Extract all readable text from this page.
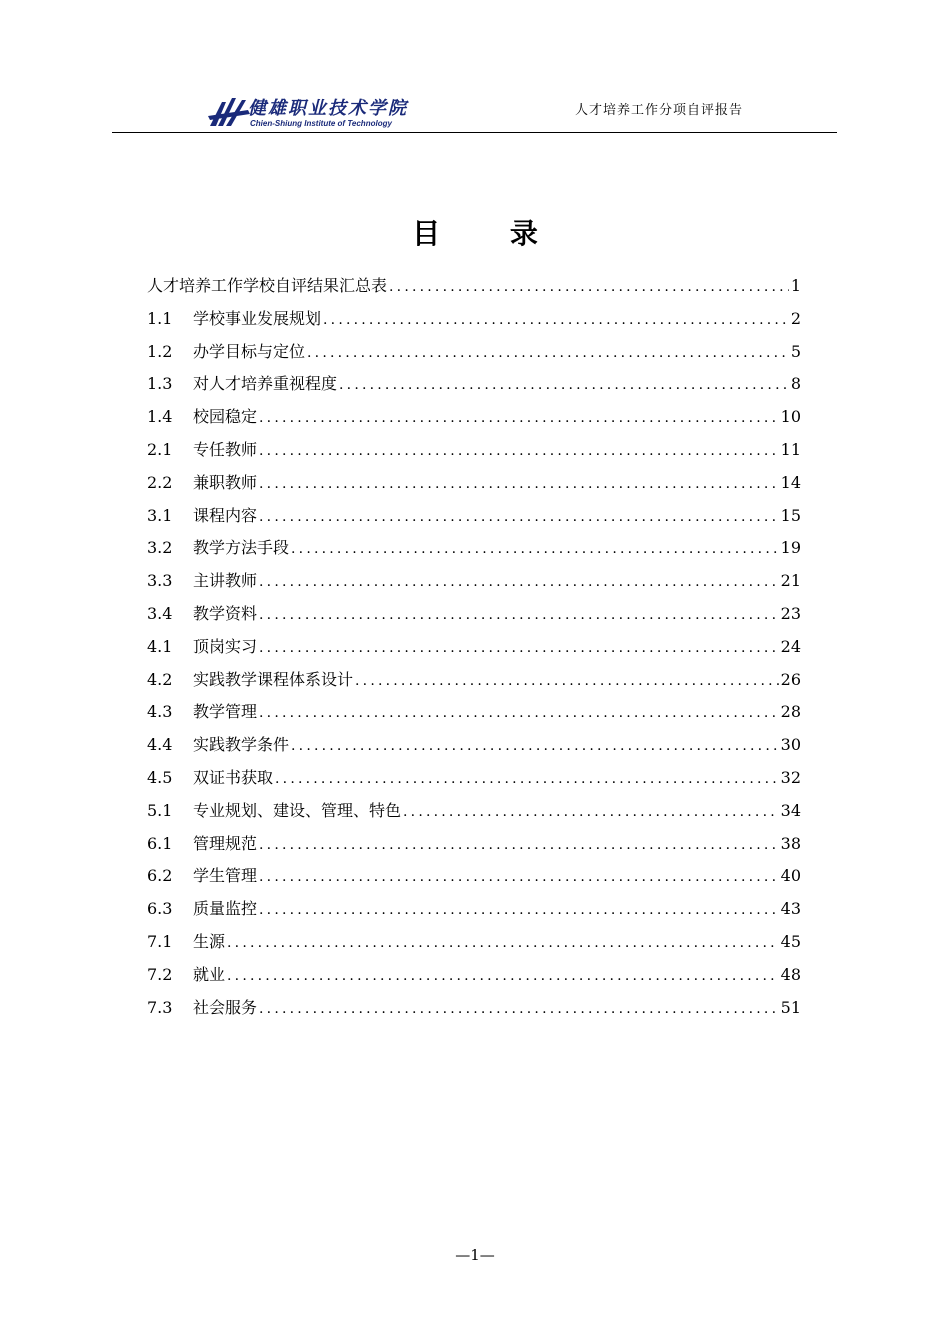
健雄职业技术学院
Chien-Shiung Institute of Technology
人才培养工作分项自评报告
目 录
人才培养工作学校自评结果汇总表 .....	1
1.1	学校事业发展规划 .....	2
1.2	办学目标与定位 .....	5
1.3	对人才培养重视程度 .....	8
1.4	校园稳定 .....	10
2.1	专任教师 .....	11
2.2	兼职教师 .....	14
3.1	课程内容 .....	15
3.2	教学方法手段 .....	19
3.3	主讲教师 .....	21
3.4	教学资料 .....	23
4.1	顶岗实习 .....	24
4.2	实践教学课程体系设计 .....	26
4.3	教学管理 .....	28
4.4	实践教学条件 .....	30
4.5	双证书获取 .....	32
5.1	专业规划、建设、管理、特色 .....	34
6.1	管理规范 .....	38
6.2	学生管理 .....	40
6.3	质量监控 .....	43
7.1	生源 .....	45
7.2	就业 .....	48
7.3	社会服务 .....	51
—1—
